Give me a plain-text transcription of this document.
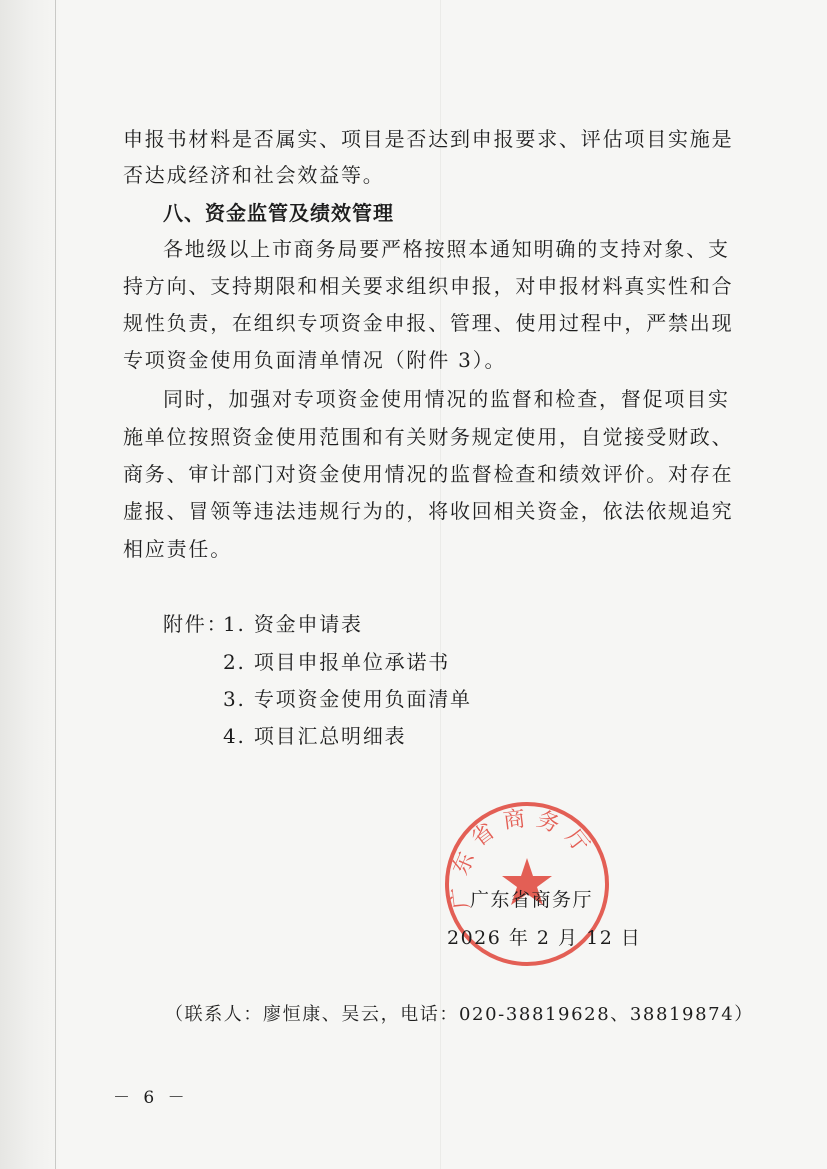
申报书材料是否属实、项目是否达到申报要求、评估项目实施是
否达成经济和社会效益等。
八、资金监管及绩效管理
各地级以上市商务局要严格按照本通知明确的支持对象、支
持方向、支持期限和相关要求组织申报，对申报材料真实性和合
规性负责，在组织专项资金申报、管理、使用过程中，严禁出现
专项资金使用负面清单情况（附件 3）。
同时，加强对专项资金使用情况的监督和检查，督促项目实
施单位按照资金使用范围和有关财务规定使用，自觉接受财政、
商务、审计部门对资金使用情况的监督检查和绩效评价。对存在
虚报、冒领等违法违规行为的，将收回相关资金，依法依规追究
相应责任。
附件：
1. 资金申请表
2. 项目申报单位承诺书
3. 专项资金使用负面清单
4. 项目汇总明细表
广东省商务厅
广东省商务厅
2026 年 2 月 12 日
（联系人：廖恒康、吴云，电话：020-38819628、38819874）
－ 6 －
